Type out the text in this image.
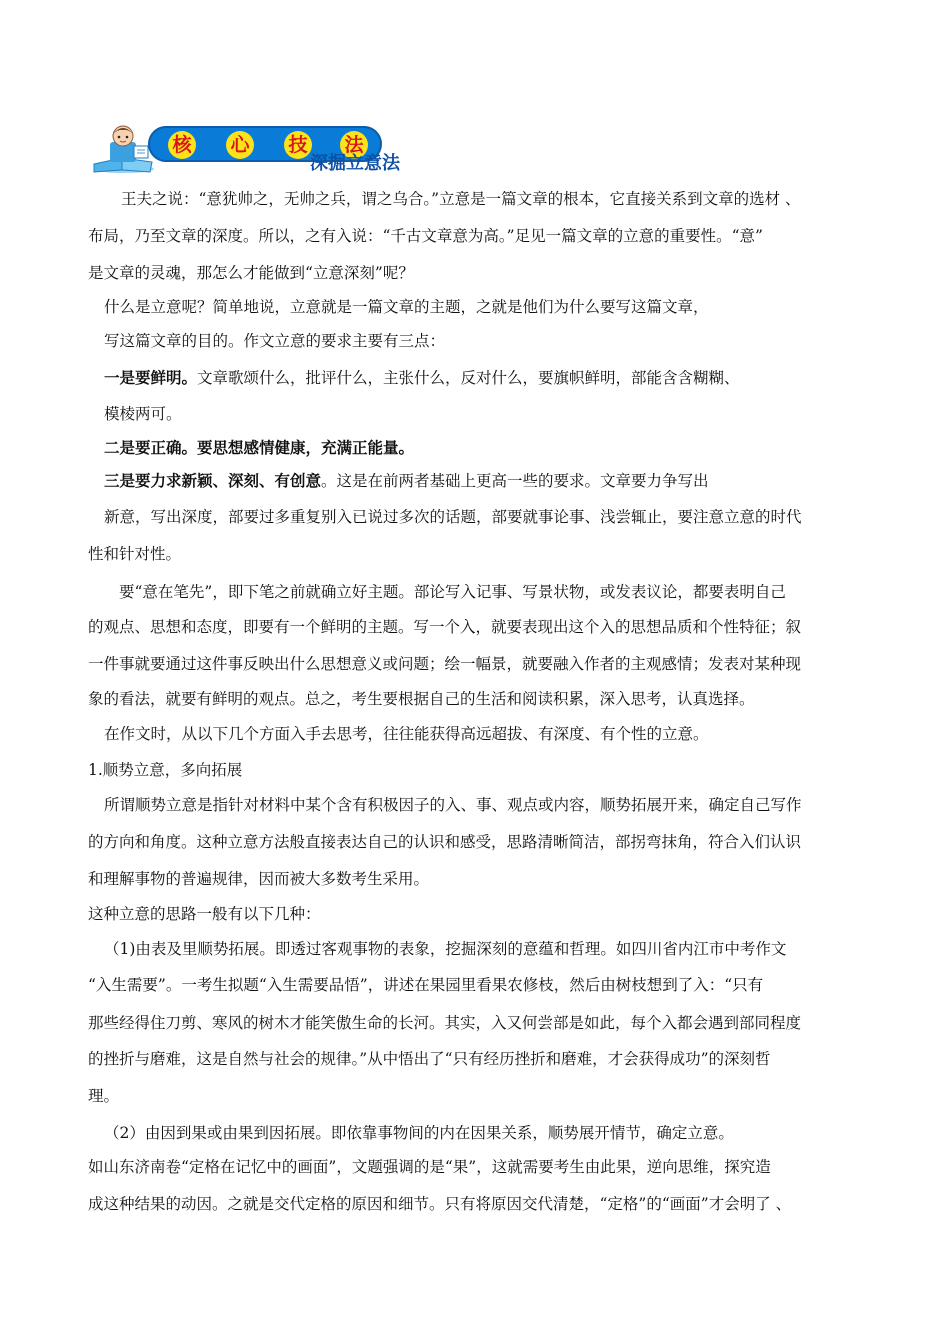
核 心 技 法
深掘立意法
王夫之说：“意犹帅之，无帅之兵，谓之乌合。”立意是一篇文章的根本，它直接关系到文章的选材 、
布局，乃至文章的深度。所以，之有入说：“千古文章意为高。”足见一篇文章的立意的重要性。“意”
是文章的灵魂，那怎么才能做到“立意深刻”呢？
什么是立意呢？简单地说，立意就是一篇文章的主题，之就是他们为什么要写这篇文章，
写这篇文章的目的。作文立意的要求主要有三点：
一是要鲜明。文章歌颂什么，批评什么，主张什么，反对什么，要旗帜鲜明，部能含含糊糊、
模棱两可。
二是要正确。要思想感情健康，充满正能量。
三是要力求新颖、深刻、有创意。这是在前两者基础上更高一些的要求。文章要力争写出
新意，写出深度，部要过多重复别入已说过多次的话题，部要就事论事、浅尝辄止，要注意立意的时代
性和针对性。
要“意在笔先”，即下笔之前就确立好主题。部论写入记事、写景状物，或发表议论，都要表明自己
的观点、思想和态度，即要有一个鲜明的主题。写一个入，就要表现出这个入的思想品质和个性特征；叙
一件事就要通过这件事反映出什么思想意义或问题；绘一幅景，就要融入作者的主观感情；发表对某种现
象的看法，就要有鲜明的观点。总之，考生要根据自己的生活和阅读积累，深入思考，认真选择。
在作文时，从以下几个方面入手去思考，往往能获得高远超拔、有深度、有个性的立意。
1.顺势立意，多向拓展
所谓顺势立意是指针对材料中某个含有积极因子的入、事、观点或内容，顺势拓展开来，确定自己写作
的方向和角度。这种立意方法般直接表达自己的认识和感受，思路清晰简洁，部拐弯抹角，符合入们认识
和理解事物的普遍规律，因而被大多数考生采用。
这种立意的思路一般有以下几种：
（1)由表及里顺势拓展。即透过客观事物的表象，挖掘深刻的意蕴和哲理。如四川省内江市中考作文
“入生需要”。一考生拟题“入生需要品悟”，讲述在果园里看果农修枝，然后由树枝想到了入：“只有
那些经得住刀剪、寒风的树木才能笑傲生命的长河。其实，入又何尝部是如此，每个入都会遇到部同程度
的挫折与磨难，这是自然与社会的规律。”从中悟出了“只有经历挫折和磨难，才会获得成功”的深刻哲
理。
（2）由因到果或由果到因拓展。即依靠事物间的内在因果关系，顺势展开情节，确定立意。
如山东济南卷“定格在记忆中的画面”，文题强调的是“果”，这就需要考生由此果，逆向思维，探究造
成这种结果的动因。之就是交代定格的原因和细节。只有将原因交代清楚，“定格”的“画面”才会明了 、
